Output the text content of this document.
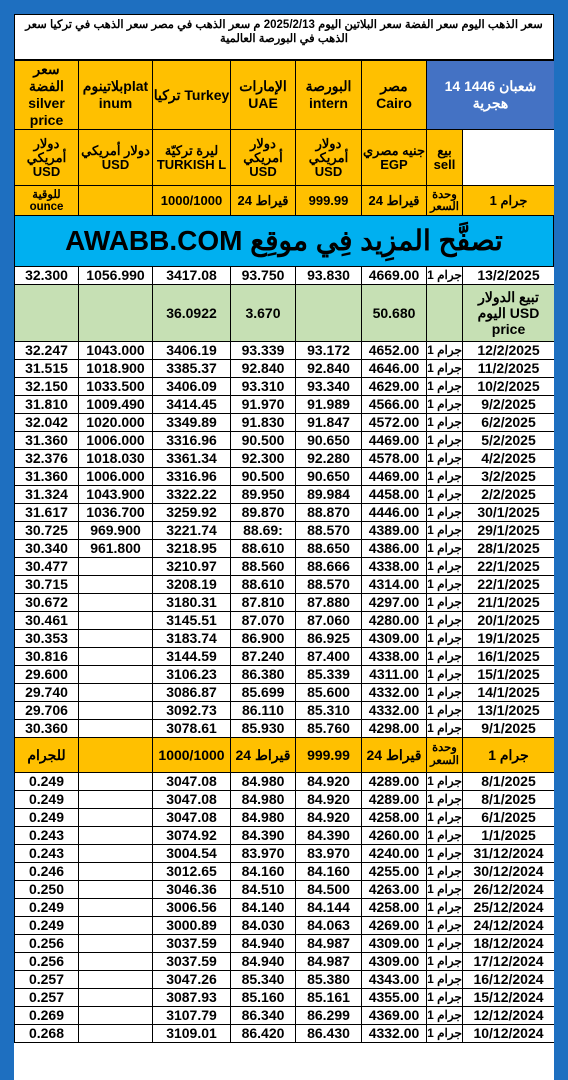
سعر الذهب اليوم سعر الفضة سعر البلاتين اليوم 2025/2/13 م سعر الذهب في مصر سعر الذهب في تركيا سعر الذهب في البورصة العالمية
سعر الفضة silver price	بلاتينومplat inum	تركيا Turkey	الإمارات UAE	البورصة intern	مصر Cairo	14 شعبان 1446 هجرية	
دولار أمريكي USD	دولار أمريكي USD	ليرة تركيّة TURKISH L	دولار أمريكي USD	دولار أمريكي USD	جنيه مصري EGP	بيع sell	
للوقية ounce		1000/1000	24 قيراط	999.99	24 قيراط	وحدة السعر	1 جرام
تصفَّح المزِيد فِي موقِع AWABB.COM
32.300	1056.990	3417.08	93.750	93.830	4669.00	1 جرام	13/2/2025
		36.0922	3.670		50.680		تبيع الدولار اليوم USD price
32.247	1043.000	3406.19	93.339	93.172	4652.00	1 جرام	12/2/2025
31.515	1018.900	3385.37	92.840	92.840	4646.00	1 جرام	11/2/2025
32.150	1033.500	3406.09	93.310	93.340	4629.00	1 جرام	10/2/2025
31.810	1009.490	3414.45	91.970	91.989	4566.00	1 جرام	9/2/2025
32.042	1020.000	3349.89	91.830	91.847	4572.00	1 جرام	6/2/2025
31.360	1006.000	3316.96	90.500	90.650	4469.00	1 جرام	5/2/2025
32.376	1018.030	3361.34	92.300	92.280	4578.00	1 جرام	4/2/2025
31.360	1006.000	3316.96	90.500	90.650	4469.00	1 جرام	3/2/2025
31.324	1043.900	3322.22	89.950	89.984	4458.00	1 جرام	2/2/2025
31.617	1036.700	3259.92	89.870	88.870	4446.00	1 جرام	30/1/2025
30.725	969.900	3221.74	88.69:	88.570	4389.00	1 جرام	29/1/2025
30.340	961.800	3218.95	88.610	88.650	4386.00	1 جرام	28/1/2025
30.477		3210.97	88.560	88.666	4338.00	1 جرام	22/1/2025
30.715		3208.19	88.610	88.570	4314.00	1 جرام	22/1/2025
30.672		3180.31	87.810	87.880	4297.00	1 جرام	21/1/2025
30.461		3145.51	87.070	87.060	4280.00	1 جرام	20/1/2025
30.353		3183.74	86.900	86.925	4309.00	1 جرام	19/1/2025
30.816		3144.59	87.240	87.400	4338.00	1 جرام	16/1/2025
29.600		3106.23	86.380	85.339	4311.00	1 جرام	15/1/2025
29.740		3086.87	85.699	85.600	4332.00	1 جرام	14/1/2025
29.706		3092.73	86.110	85.310	4332.00	1 جرام	13/1/2025
30.360		3078.61	85.930	85.760	4298.00	1 جرام	9/1/2025
للجرام		1000/1000	24 قيراط	999.99	24 قيراط	وحدة السعر	1 جرام
0.249		3047.08	84.980	84.920	4289.00	1 جرام	8/1/2025
0.249		3047.08	84.980	84.920	4289.00	1 جرام	8/1/2025
0.249		3047.08	84.980	84.920	4258.00	1 جرام	6/1/2025
0.243		3074.92	84.390	84.390	4260.00	1 جرام	1/1/2025
0.243		3004.54	83.970	83.970	4240.00	1 جرام	31/12/2024
0.246		3012.65	84.160	84.160	4255.00	1 جرام	30/12/2024
0.250		3046.36	84.510	84.500	4263.00	1 جرام	26/12/2024
0.249		3006.56	84.140	84.144	4258.00	1 جرام	25/12/2024
0.249		3000.89	84.030	84.063	4269.00	1 جرام	24/12/2024
0.256		3037.59	84.940	84.987	4309.00	1 جرام	18/12/2024
0.256		3037.59	84.940	84.987	4309.00	1 جرام	17/12/2024
0.257		3047.26	85.340	85.380	4343.00	1 جرام	16/12/2024
0.257		3087.93	85.160	85.161	4355.00	1 جرام	15/12/2024
0.269		3107.79	86.340	86.299	4369.00	1 جرام	12/12/2024
0.268		3109.01	86.420	86.430	4332.00	1 جرام	10/12/2024
